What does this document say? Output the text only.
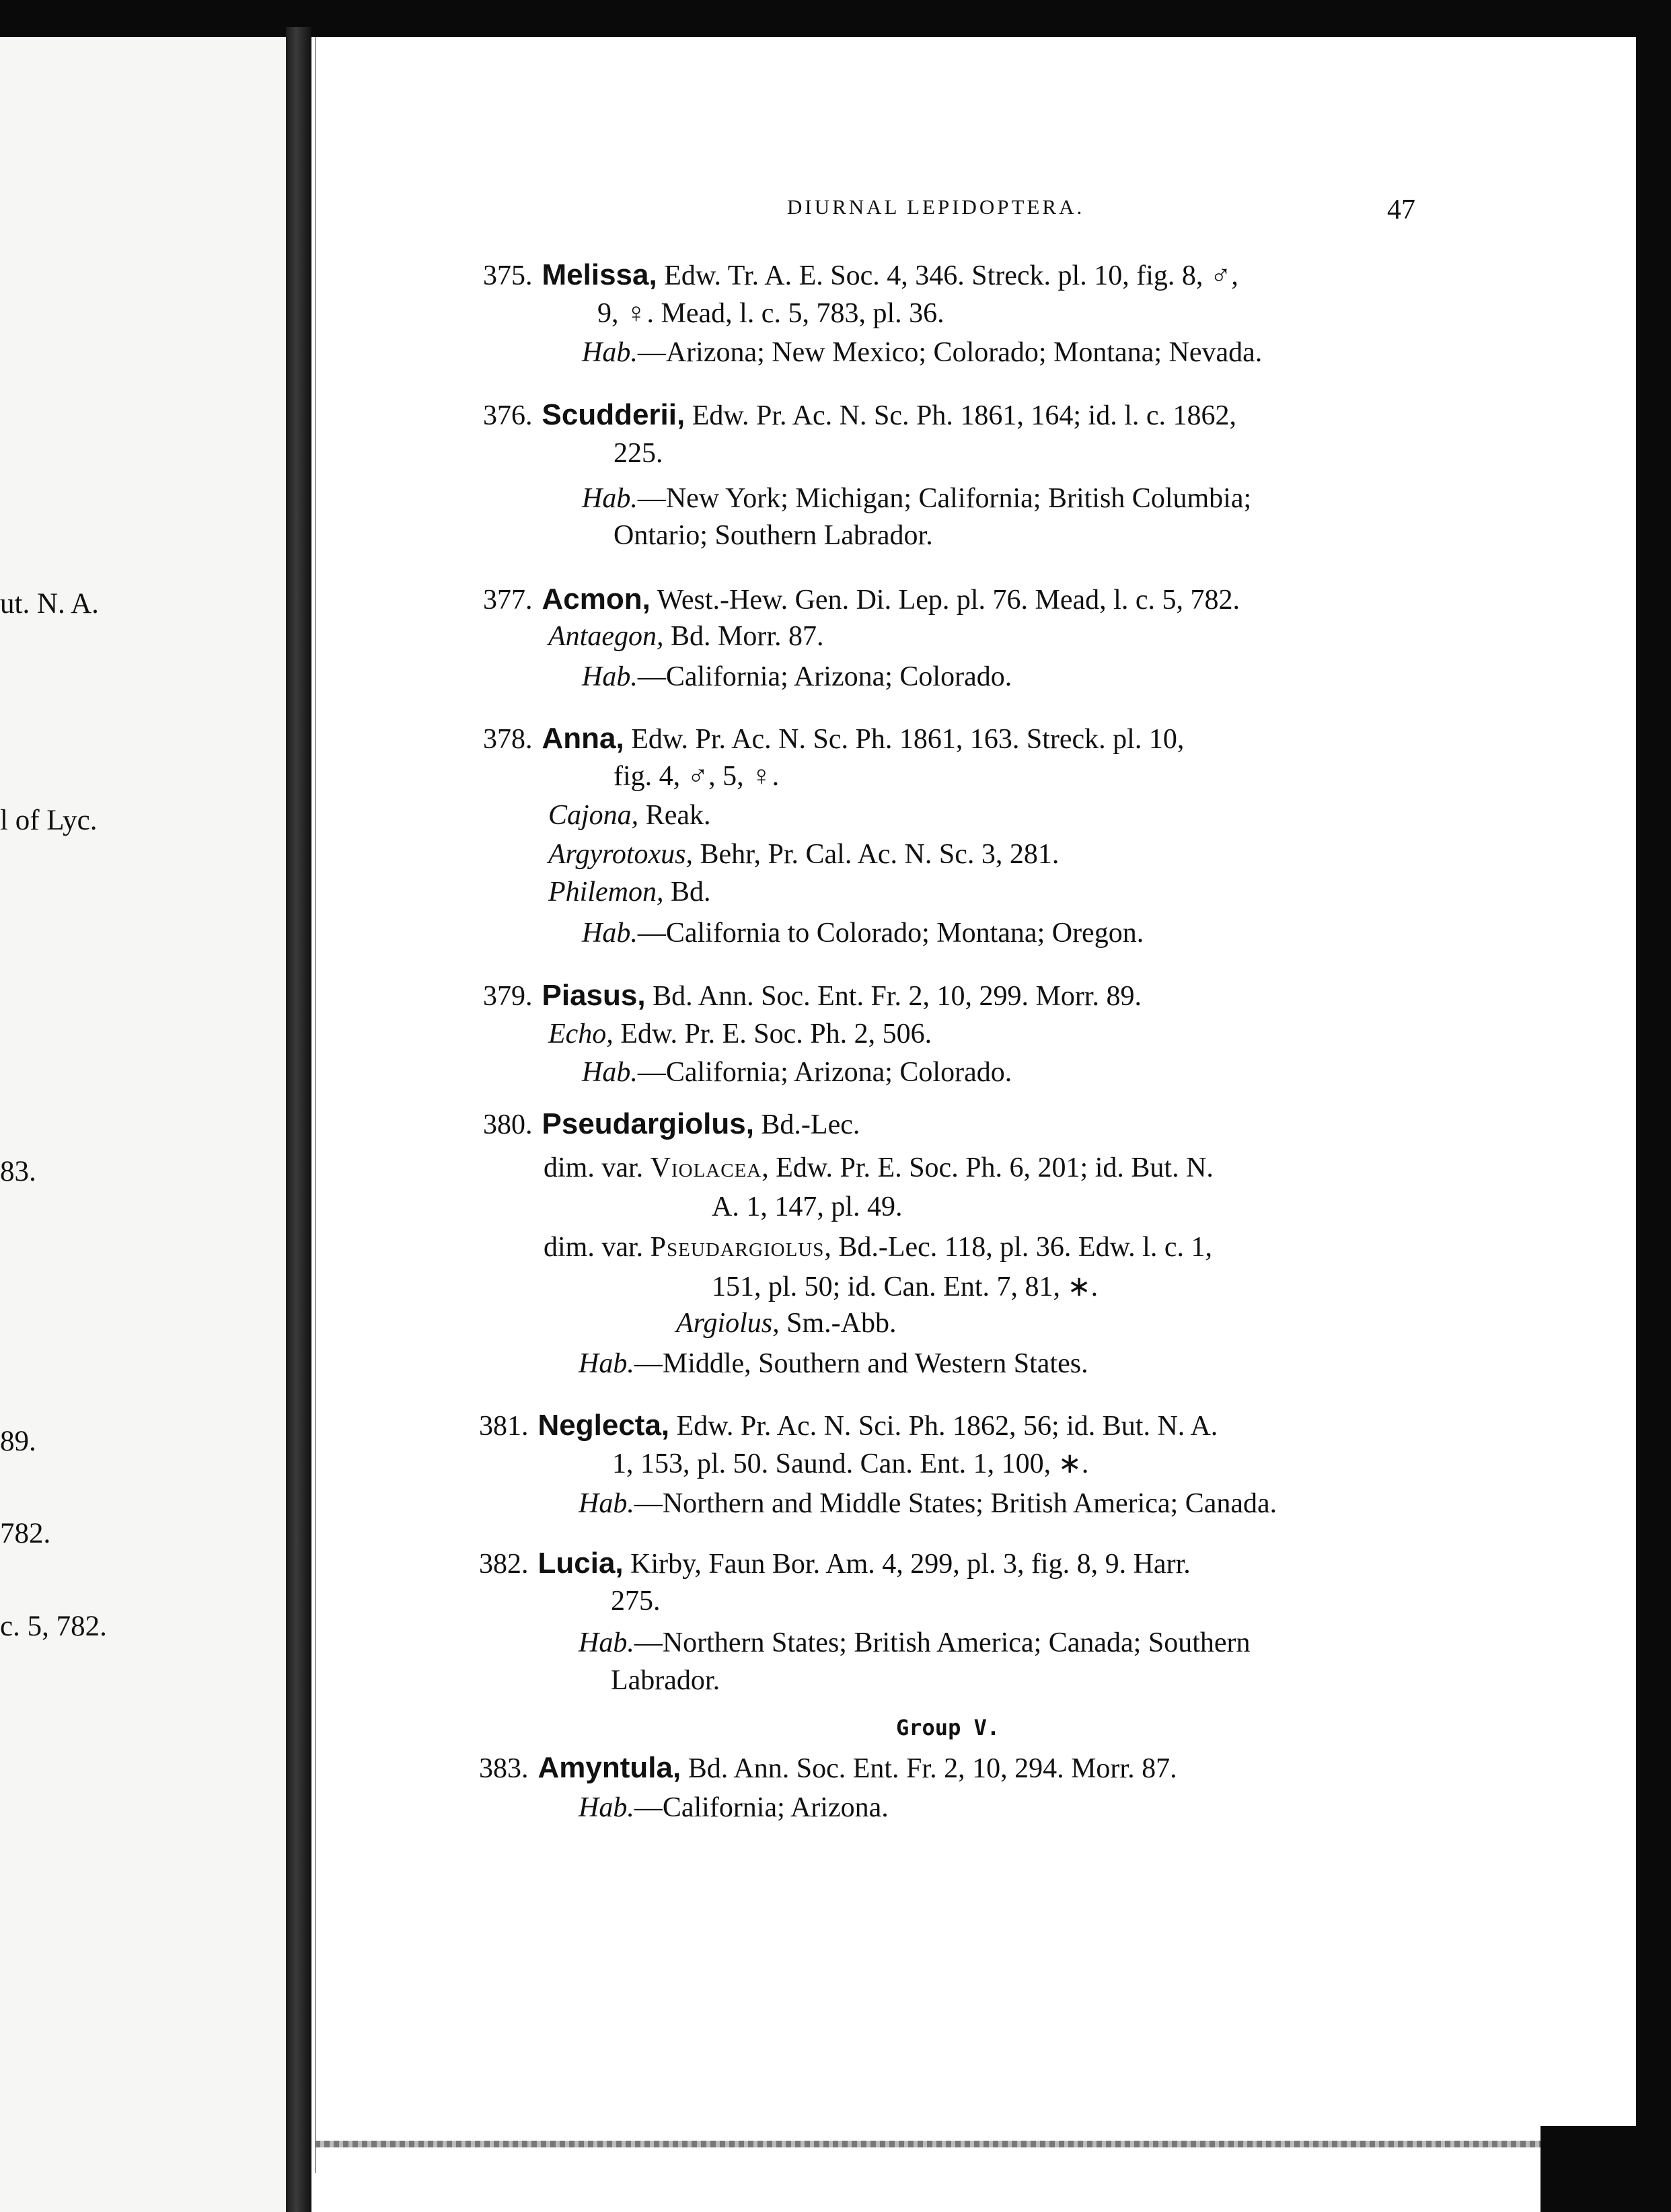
ut. N. A.
l of Lyc.
83.
89.
782.
c. 5, 782.
DIURNAL LEPIDOPTERA.	47
375. Melissa, Edw. Tr. A. E. Soc. 4, 346. Streck. pl. 10, fig. 8, ♂,
9, ♀. Mead, l. c. 5, 783, pl. 36.
Hab.—Arizona; New Mexico; Colorado; Montana; Nevada.
376. Scudderii, Edw. Pr. Ac. N. Sc. Ph. 1861, 164; id. l. c. 1862,
225.
Hab.—New York; Michigan; California; British Columbia;
Ontario; Southern Labrador.
377. Acmon, West.-Hew. Gen. Di. Lep. pl. 76. Mead, l. c. 5, 782.
Antaegon, Bd. Morr. 87.
Hab.—California; Arizona; Colorado.
378. Anna, Edw. Pr. Ac. N. Sc. Ph. 1861, 163. Streck. pl. 10,
fig. 4, ♂, 5, ♀.
Cajona, Reak.
Argyrotoxus, Behr, Pr. Cal. Ac. N. Sc. 3, 281.
Philemon, Bd.
Hab.—California to Colorado; Montana; Oregon.
379. Piasus, Bd. Ann. Soc. Ent. Fr. 2, 10, 299. Morr. 89.
Echo, Edw. Pr. E. Soc. Ph. 2, 506.
Hab.—California; Arizona; Colorado.
380. Pseudargiolus, Bd.-Lec.
dim. var. Violacea, Edw. Pr. E. Soc. Ph. 6, 201; id. But. N.
A. 1, 147, pl. 49.
dim. var. Pseudargiolus, Bd.-Lec. 118, pl. 36. Edw. l. c. 1,
151, pl. 50; id. Can. Ent. 7, 81, ∗.
Argiolus, Sm.-Abb.
Hab.—Middle, Southern and Western States.
381. Neglecta, Edw. Pr. Ac. N. Sci. Ph. 1862, 56; id. But. N. A.
1, 153, pl. 50. Saund. Can. Ent. 1, 100, ∗.
Hab.—Northern and Middle States; British America; Canada.
382. Lucia, Kirby, Faun Bor. Am. 4, 299, pl. 3, fig. 8, 9. Harr.
275.
Hab.—Northern States; British America; Canada; Southern
Labrador.
Group V.
383. Amyntula, Bd. Ann. Soc. Ent. Fr. 2, 10, 294. Morr. 87.
Hab.—California; Arizona.
